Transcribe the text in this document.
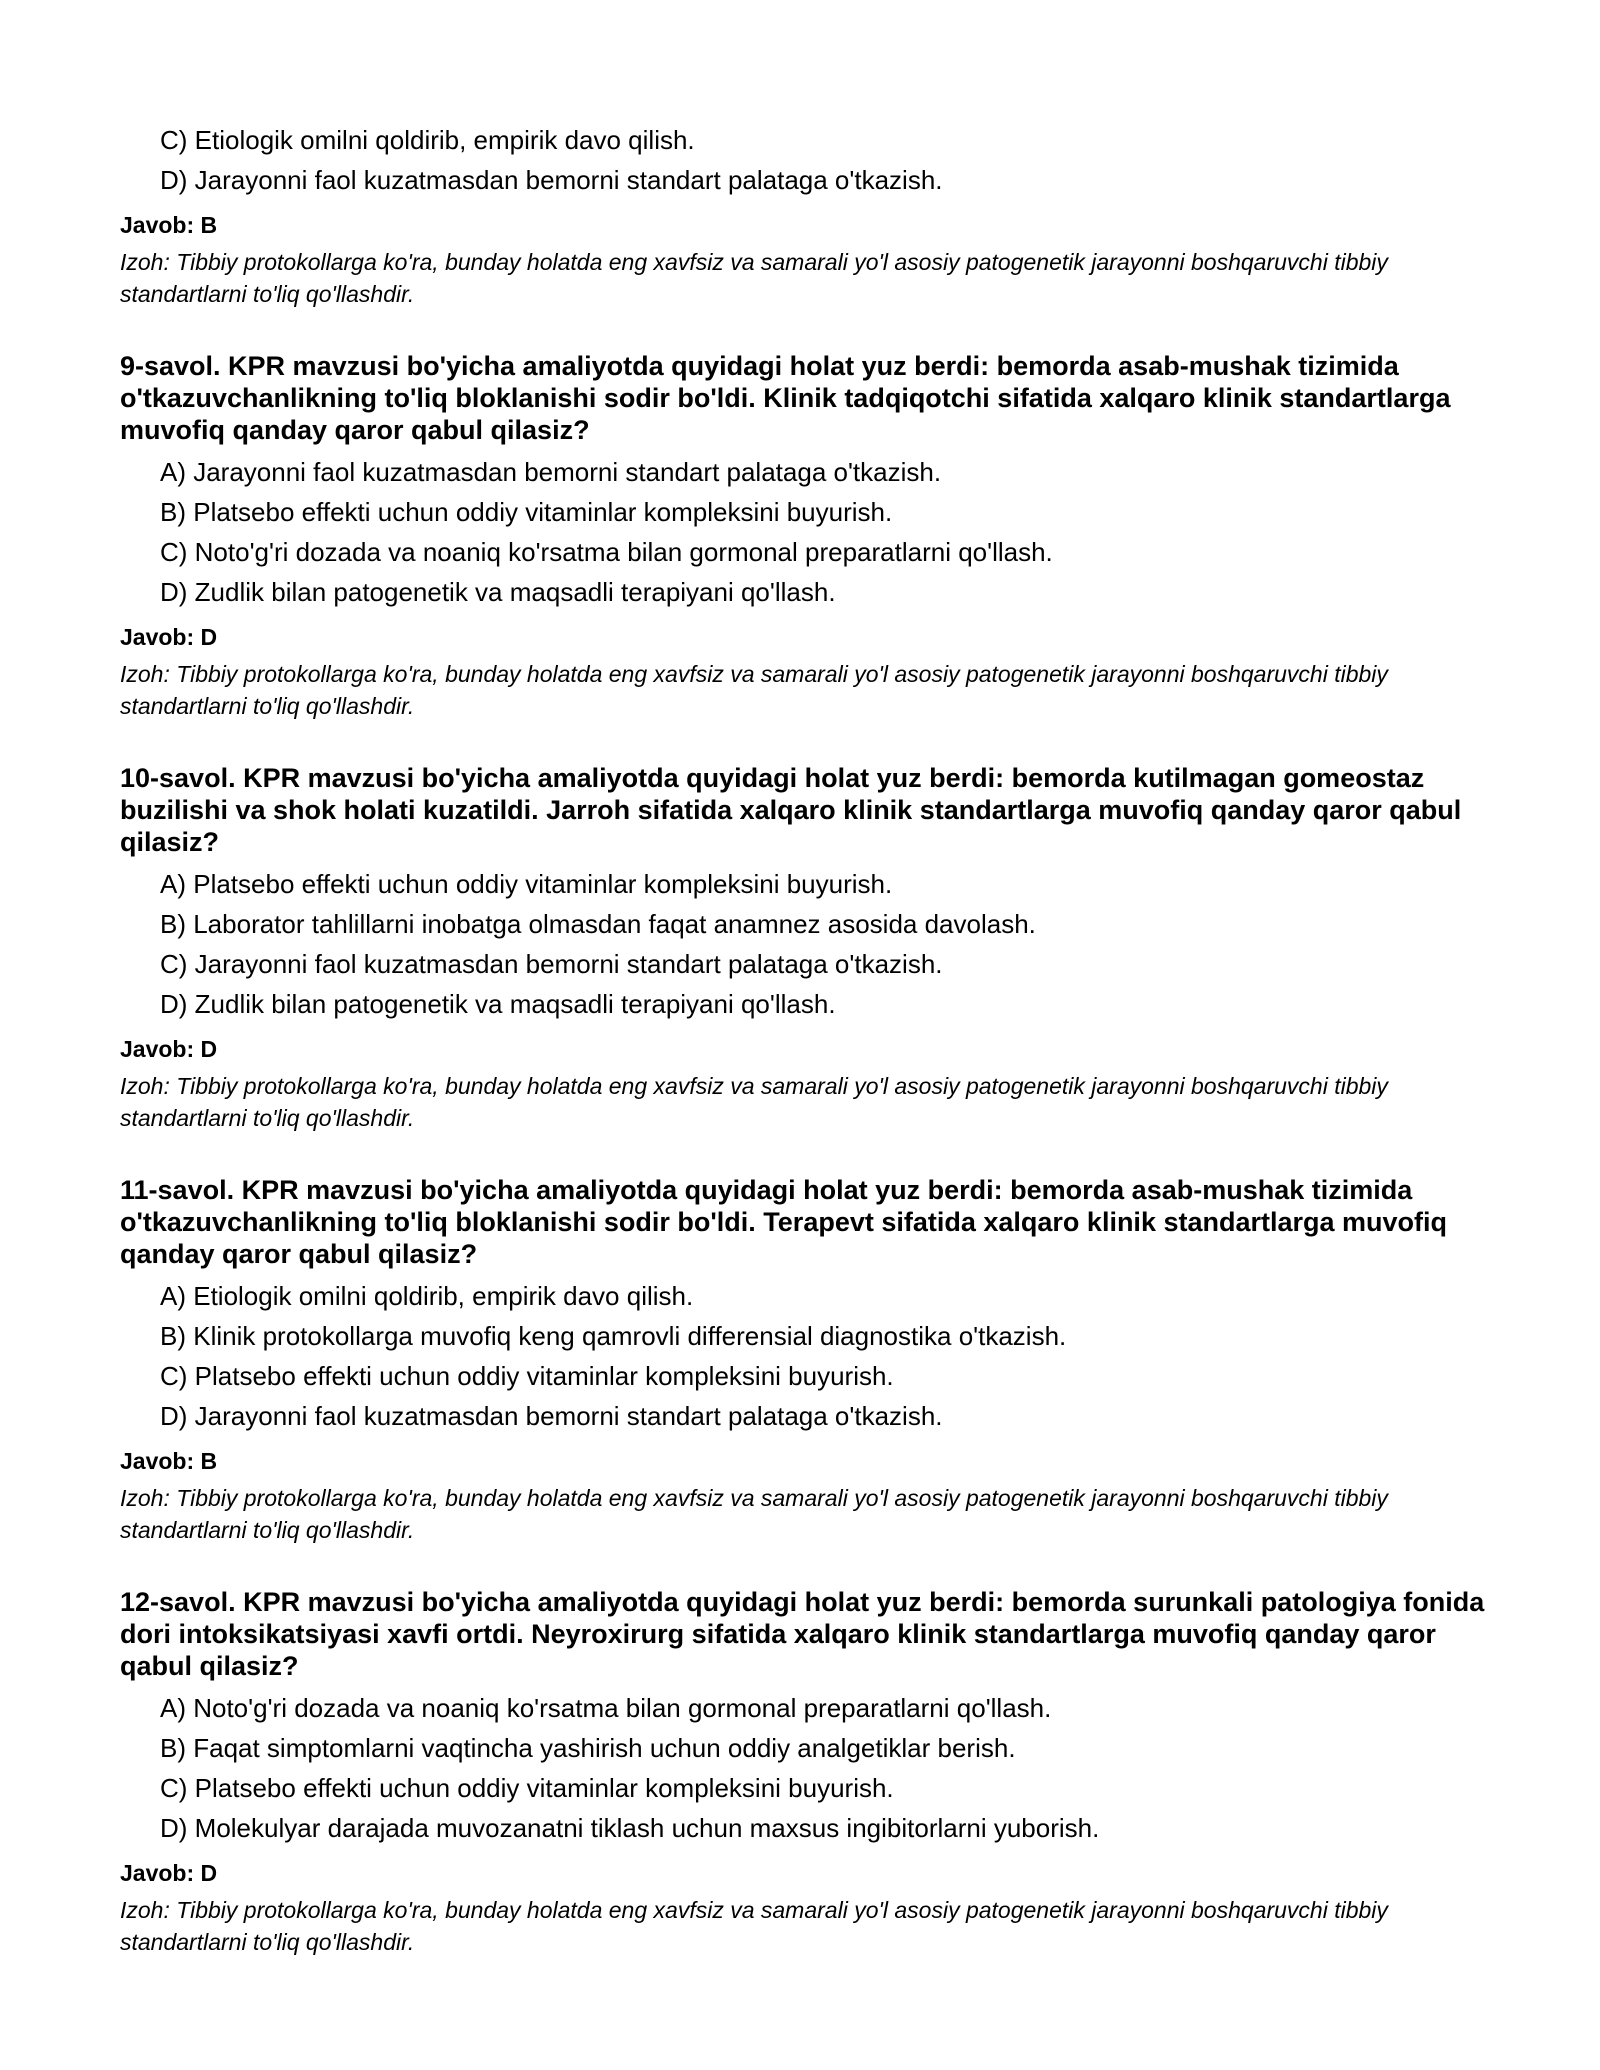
C) Etiologik omilni qoldirib, empirik davo qilish.
D) Jarayonni faol kuzatmasdan bemorni standart palataga o'tkazish.
Javob: B
Izoh: Tibbiy protokollarga ko'ra, bunday holatda eng xavfsiz va samarali yo'l asosiy patogenetik jarayonni boshqaruvchi tibbiy standartlarni to'liq qo'llashdir.
9-savol. KPR mavzusi bo'yicha amaliyotda quyidagi holat yuz berdi: bemorda asab-mushak tizimida o'tkazuvchanlikning to'liq bloklanishi sodir bo'ldi. Klinik tadqiqotchi sifatida xalqaro klinik standartlarga muvofiq qanday qaror qabul qilasiz?
A) Jarayonni faol kuzatmasdan bemorni standart palataga o'tkazish.
B) Platsebo effekti uchun oddiy vitaminlar kompleksini buyurish.
C) Noto'g'ri dozada va noaniq ko'rsatma bilan gormonal preparatlarni qo'llash.
D) Zudlik bilan patogenetik va maqsadli terapiyani qo'llash.
Javob: D
Izoh: Tibbiy protokollarga ko'ra, bunday holatda eng xavfsiz va samarali yo'l asosiy patogenetik jarayonni boshqaruvchi tibbiy standartlarni to'liq qo'llashdir.
10-savol. KPR mavzusi bo'yicha amaliyotda quyidagi holat yuz berdi: bemorda kutilmagan gomeostaz buzilishi va shok holati kuzatildi. Jarroh sifatida xalqaro klinik standartlarga muvofiq qanday qaror qabul qilasiz?
A) Platsebo effekti uchun oddiy vitaminlar kompleksini buyurish.
B) Laborator tahlillarni inobatga olmasdan faqat anamnez asosida davolash.
C) Jarayonni faol kuzatmasdan bemorni standart palataga o'tkazish.
D) Zudlik bilan patogenetik va maqsadli terapiyani qo'llash.
Javob: D
Izoh: Tibbiy protokollarga ko'ra, bunday holatda eng xavfsiz va samarali yo'l asosiy patogenetik jarayonni boshqaruvchi tibbiy standartlarni to'liq qo'llashdir.
11-savol. KPR mavzusi bo'yicha amaliyotda quyidagi holat yuz berdi: bemorda asab-mushak tizimida o'tkazuvchanlikning to'liq bloklanishi sodir bo'ldi. Terapevt sifatida xalqaro klinik standartlarga muvofiq qanday qaror qabul qilasiz?
A) Etiologik omilni qoldirib, empirik davo qilish.
B) Klinik protokollarga muvofiq keng qamrovli differensial diagnostika o'tkazish.
C) Platsebo effekti uchun oddiy vitaminlar kompleksini buyurish.
D) Jarayonni faol kuzatmasdan bemorni standart palataga o'tkazish.
Javob: B
Izoh: Tibbiy protokollarga ko'ra, bunday holatda eng xavfsiz va samarali yo'l asosiy patogenetik jarayonni boshqaruvchi tibbiy standartlarni to'liq qo'llashdir.
12-savol. KPR mavzusi bo'yicha amaliyotda quyidagi holat yuz berdi: bemorda surunkali patologiya fonida dori intoksikatsiyasi xavfi ortdi. Neyroxirurg sifatida xalqaro klinik standartlarga muvofiq qanday qaror qabul qilasiz?
A) Noto'g'ri dozada va noaniq ko'rsatma bilan gormonal preparatlarni qo'llash.
B) Faqat simptomlarni vaqtincha yashirish uchun oddiy analgetiklar berish.
C) Platsebo effekti uchun oddiy vitaminlar kompleksini buyurish.
D) Molekulyar darajada muvozanatni tiklash uchun maxsus ingibitorlarni yuborish.
Javob: D
Izoh: Tibbiy protokollarga ko'ra, bunday holatda eng xavfsiz va samarali yo'l asosiy patogenetik jarayonni boshqaruvchi tibbiy standartlarni to'liq qo'llashdir.
